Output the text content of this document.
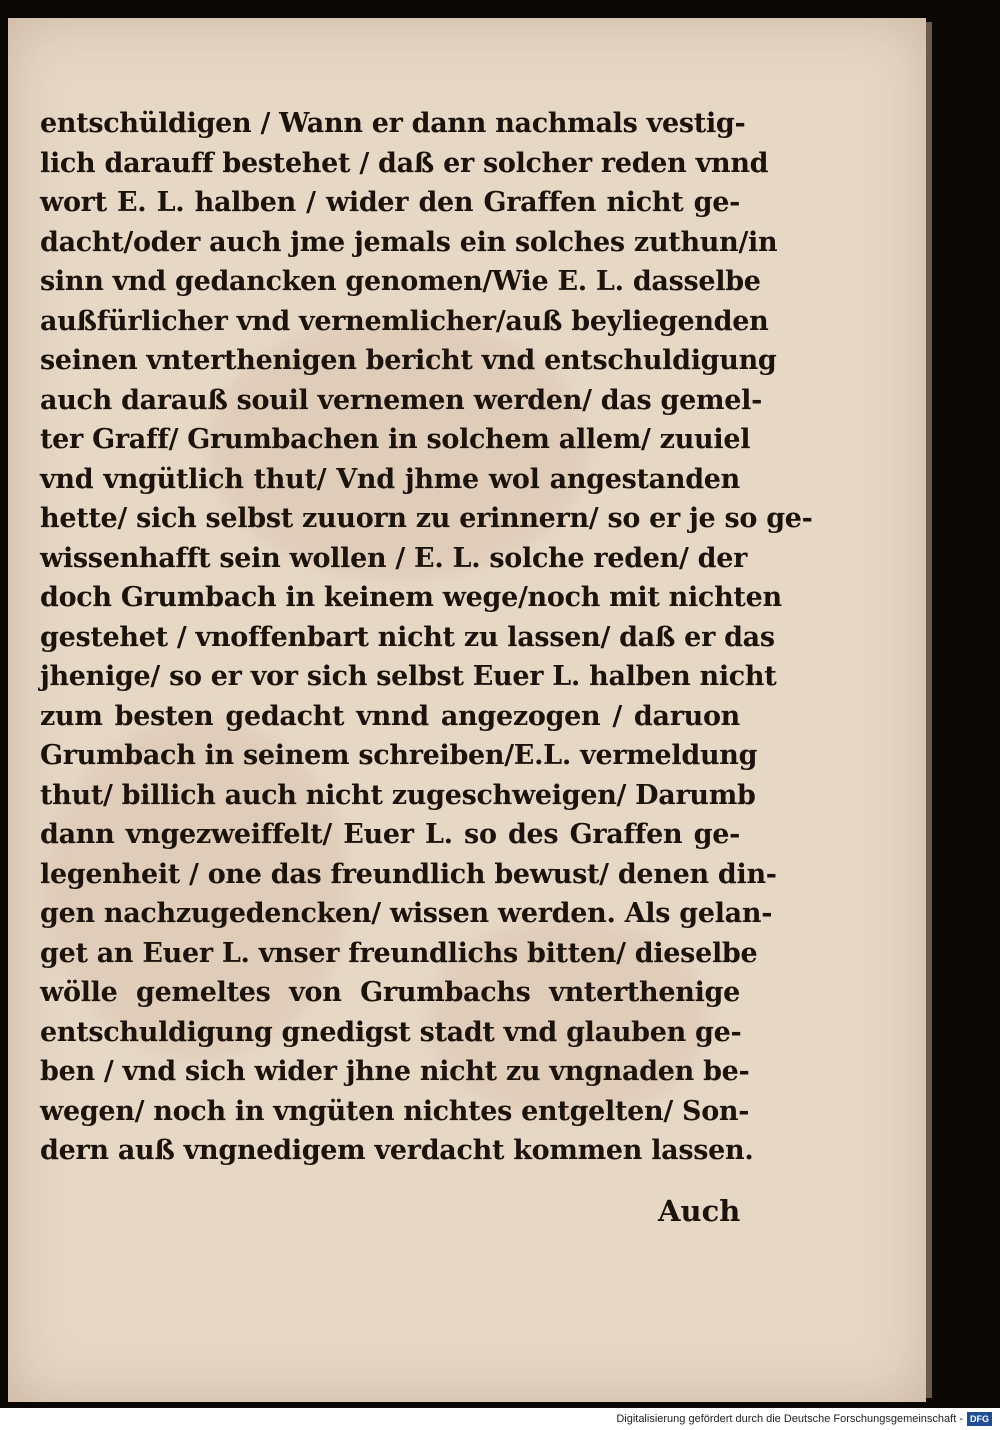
entschüldigen / Wann er dann nachmals vestig-
lich darauff bestehet / daß er solcher reden vnnd
wort E. L. halben / wider den Graffen nicht ge-
dacht/oder auch jme jemals ein solches zuthun/in
sinn vnd gedancken genomen/Wie E. L. dasselbe
außfürlicher vnd vernemlicher/auß beyliegenden
seinen vnterthenigen bericht vnd entschuldigung
auch darauß souil vernemen werden/ das gemel-
ter Graff/ Grumbachen in solchem allem/ zuuiel
vnd vngütlich thut/ Vnd jhme wol angestanden
hette/ sich selbst zuuorn zu erinnern/ so er je so ge-
wissenhafft sein wollen / E. L. solche reden/ der
doch Grumbach in keinem wege/noch mit nichten
gestehet / vnoffenbart nicht zu lassen/ daß er das
jhenige/ so er vor sich selbst Euer L. halben nicht
zum besten gedacht vnnd angezogen / daruon
Grumbach in seinem schreiben/E.L. vermeldung
thut/ billich auch nicht zugeschweigen/ Darumb
dann vngezweiffelt/ Euer L. so des Graffen ge-
legenheit / one das freundlich bewust/ denen din-
gen nachzugedencken/ wissen werden. Als gelan-
get an Euer L. vnser freundlichs bitten/ dieselbe
wölle gemeltes von Grumbachs vnterthenige
entschuldigung gnedigst stadt vnd glauben ge-
ben / vnd sich wider jhne nicht zu vngnaden be-
wegen/ noch in vngüten nichtes entgelten/ Son-
dern auß vngnedigem verdacht kommen lassen.
Auch
Digitalisierung gefördert durch die Deutsche Forschungsgemeinschaft - DFG
